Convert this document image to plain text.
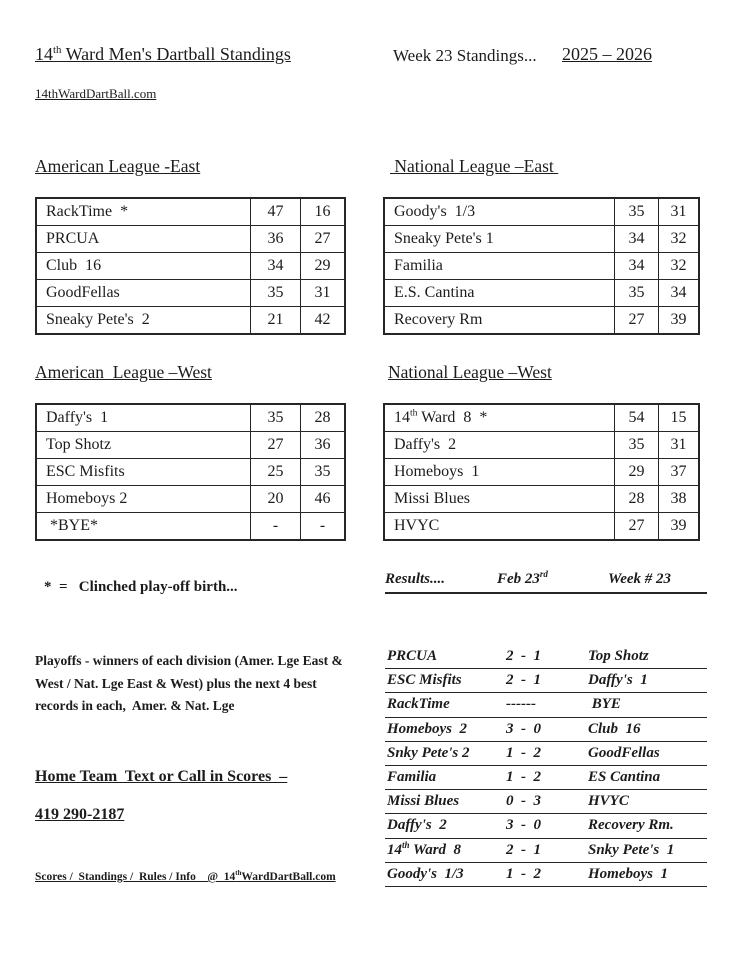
14th Ward Men's Dartball Standings	Week 23 Standings... 2025 – 2026
14thWardDartBall.com
American League -East	National League –East
American  League –West	National League –West
RackTime  *	47	16
PRCUA	36	27
Club  16	34	29
GoodFellas	35	31
Sneaky Pete's  2	21	42
Goody's  1/3	35	31
Sneaky Pete's 1	34	32
Familia	34	32
E.S. Cantina	35	34
Recovery Rm	27	39
Daffy's  1	35	28
Top Shotz	27	36
ESC Misfits	25	35
Homeboys 2	20	46
*BYE*	-	-
14th Ward  8  *	54	15
Daffy's  2	35	31
Homeboys  1	29	37
Missi Blues	28	38
HVYC	27	39
*  =   Clinched play-off birth...
Playoffs - winners of each division (Amer. Lge East & West / Nat. Lge East & West) plus the next 4 best records in each,  Amer. & Nat. Lge
Home Team  Text or Call in Scores  –
419 290-2187
Scores /  Standings /  Rules / Info    @  14thWardDartBall.com
Results....	Feb 23rd	Week # 23
PRCUA	2  -  1	Top Shotz
ESC Misfits	2  -  1	Daffy's  1
RackTime	------	BYE
Homeboys  2	3  -  0	Club  16
Snky Pete's 2	1  -  2	GoodFellas
Familia	1  -  2	ES Cantina
Missi Blues	0  -  3	HVYC
Daffy's  2	3  -  0	Recovery Rm.
14th Ward  8	2  -  1	Snky Pete's  1
Goody's  1/3	1  -  2	Homeboys  1
